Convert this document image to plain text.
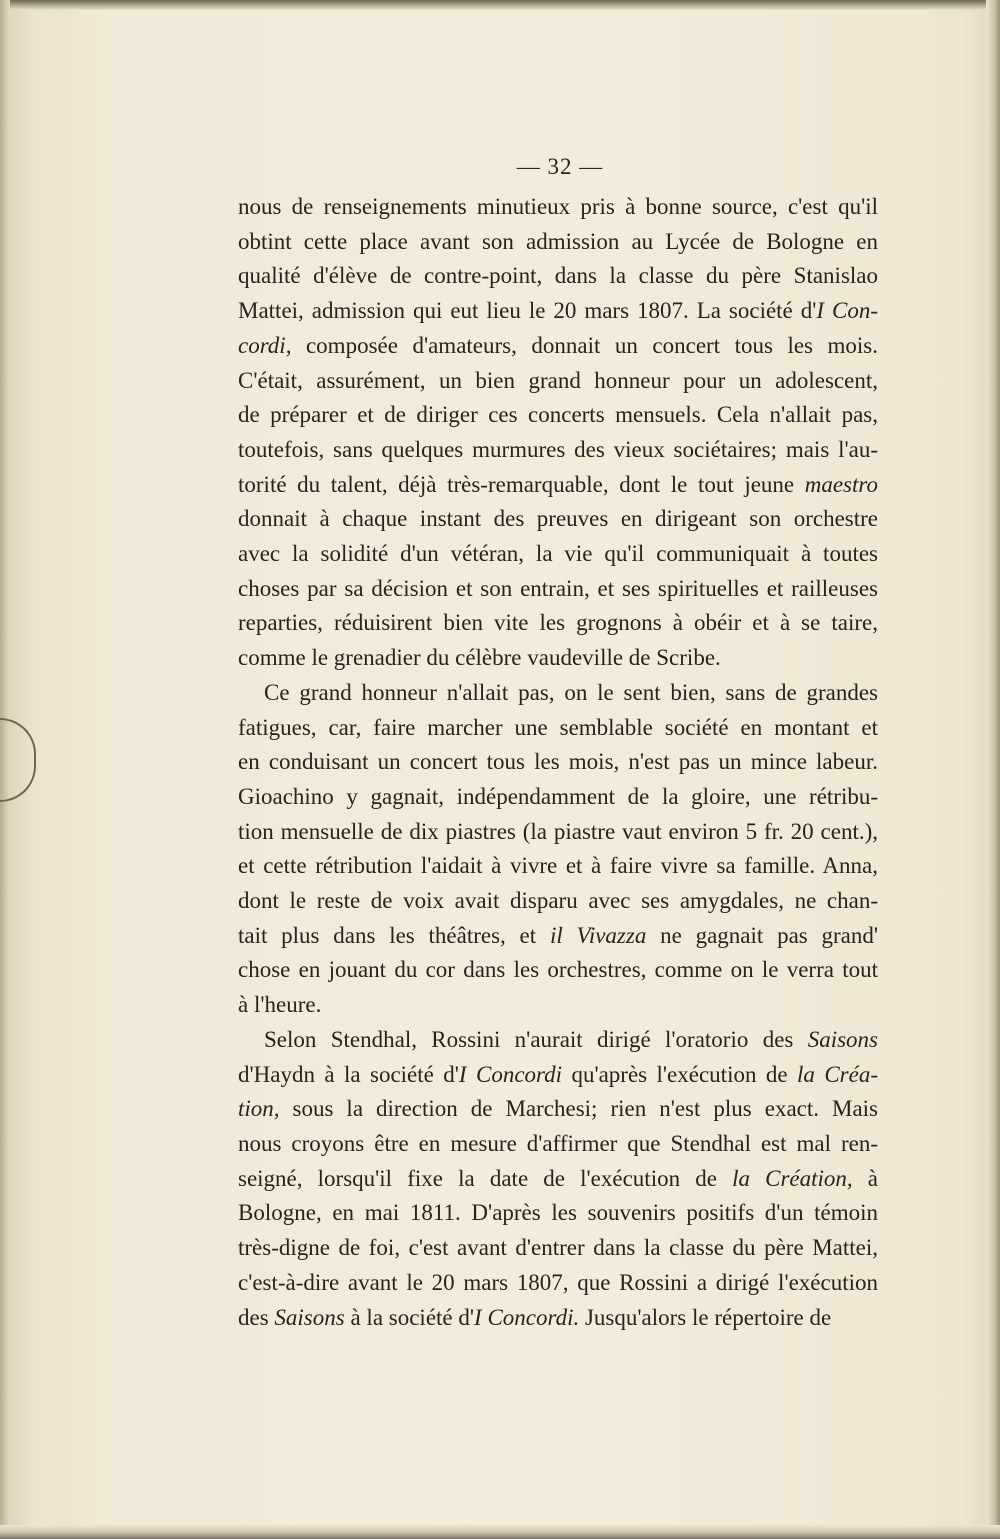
— 32 —
nous de renseignements minutieux pris à bonne source, c'est qu'il
obtint cette place avant son admission au Lycée de Bologne en
qualité d'élève de contre-point, dans la classe du père Stanislao
Mattei, admission qui eut lieu le 20 mars 1807. La société d'I Con-
cordi, composée d'amateurs, donnait un concert tous les mois.
C'était, assurément, un bien grand honneur pour un adolescent,
de préparer et de diriger ces concerts mensuels. Cela n'allait pas,
toutefois, sans quelques murmures des vieux sociétaires; mais l'au-
torité du talent, déjà très-remarquable, dont le tout jeune maestro
donnait à chaque instant des preuves en dirigeant son orchestre
avec la solidité d'un vétéran, la vie qu'il communiquait à toutes
choses par sa décision et son entrain, et ses spirituelles et railleuses
reparties, réduisirent bien vite les grognons à obéir et à se taire,
comme le grenadier du célèbre vaudeville de Scribe.
Ce grand honneur n'allait pas, on le sent bien, sans de grandes
fatigues, car, faire marcher une semblable société en montant et
en conduisant un concert tous les mois, n'est pas un mince labeur.
Gioachino y gagnait, indépendamment de la gloire, une rétribu-
tion mensuelle de dix piastres (la piastre vaut environ 5 fr. 20 cent.),
et cette rétribution l'aidait à vivre et à faire vivre sa famille. Anna,
dont le reste de voix avait disparu avec ses amygdales, ne chan-
tait plus dans les théâtres, et il Vivazza ne gagnait pas grand'
chose en jouant du cor dans les orchestres, comme on le verra tout
à l'heure.
Selon Stendhal, Rossini n'aurait dirigé l'oratorio des Saisons
d'Haydn à la société d'I Concordi qu'après l'exécution de la Créa-
tion, sous la direction de Marchesi; rien n'est plus exact. Mais
nous croyons être en mesure d'affirmer que Stendhal est mal ren-
seigné, lorsqu'il fixe la date de l'exécution de la Création, à
Bologne, en mai 1811. D'après les souvenirs positifs d'un témoin
très-digne de foi, c'est avant d'entrer dans la classe du père Mattei,
c'est-à-dire avant le 20 mars 1807, que Rossini a dirigé l'exécution
des Saisons à la société d'I Concordi. Jusqu'alors le répertoire de
